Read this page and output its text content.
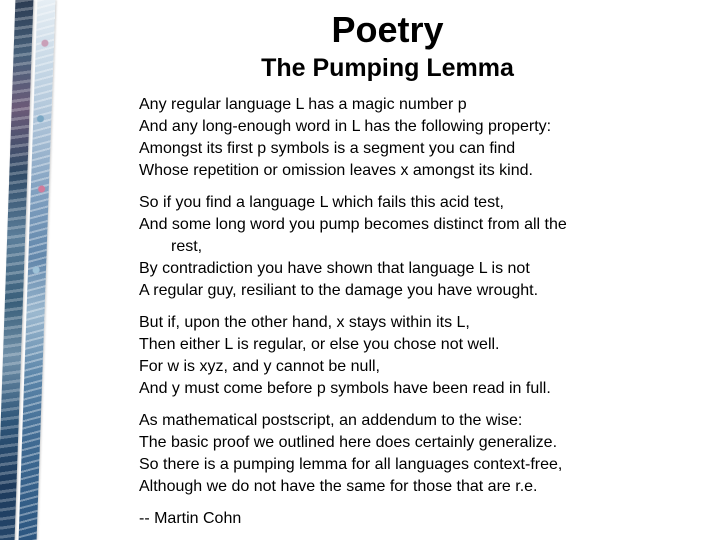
Poetry
The Pumping Lemma
Any regular language L has a magic number p
And any long-enough word in L has the following property:
Amongst its first p symbols is a segment you can find
Whose repetition or omission leaves x amongst its kind.
So if you find a language L which fails this acid test,
And some long word you pump becomes distinct from all the
rest,
By contradiction you have shown that language L is not
A regular guy, resiliant to the damage you have wrought.
But if, upon the other hand, x stays within its L,
Then either L is regular, or else you chose not well.
For w is xyz, and y cannot be null,
And y must come before p symbols have been read in full.
As mathematical postscript, an addendum to the wise:
The basic proof we outlined here does certainly generalize.
So there is a pumping lemma for all languages context-free,
Although we do not have the same for those that are r.e.
-- Martin Cohn
